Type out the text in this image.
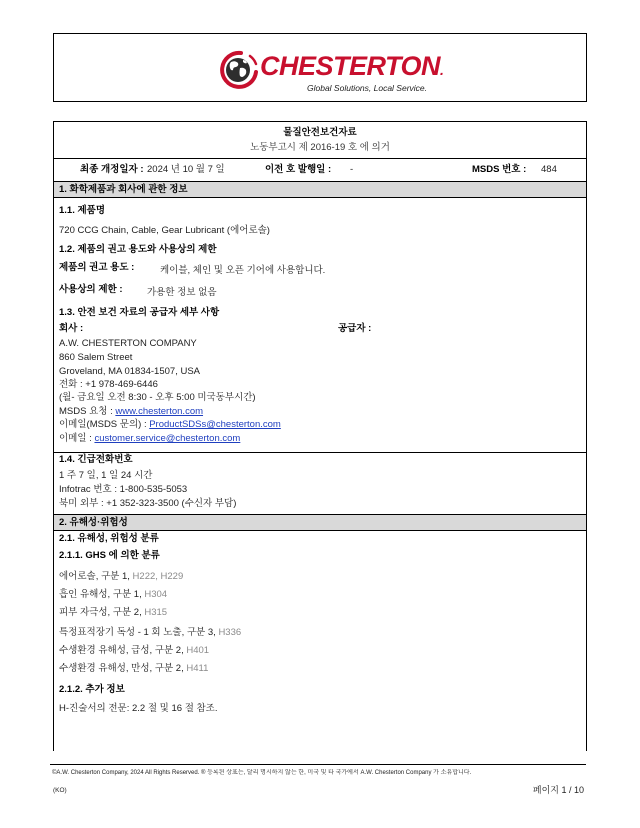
CHESTERTON.
Global Solutions, Local Service.
물질안전보건자료
노동부고시 제 2016-19 호 에 의거
최종 개정일자 : 2024 년 10 월 7 일	이전 호 발행일 : -	MSDS 번호 : 484
1. 화학제품과 회사에 관한 정보
1.1. 제품명
720 CCG Chain, Cable, Gear Lubricant (에어로솔)
1.2. 제품의 권고 용도와 사용상의 제한
제품의 권고 용도 :	케이블, 체인 및 오픈 기어에 사용합니다.
사용상의 제한 :	가용한 정보 없음
1.3. 안전 보건 자료의 공급자 세부 사항
회사 :	공급자 :
A.W. CHESTERTON COMPANY
860 Salem Street
Groveland, MA 01834-1507, USA
전화 : +1 978-469-6446
(월- 금요일 오전 8:30 - 오후 5:00 미국동부시간)
MSDS 요청 : www.chesterton.com
이메일(MSDS 문의) : ProductSDSs@chesterton.com
이메일 : customer.service@chesterton.com
1.4. 긴급전화번호
1 주 7 일, 1 일 24 시간
Infotrac 번호 : 1-800-535-5053
북미 외부 : +1 352-323-3500 (수신자 부담)
2. 유해성·위험성
2.1. 유해성, 위험성 분류
2.1.1. GHS 에 의한 분류
에어로솔, 구분 1, H222, H229
흡인 유해성, 구분 1, H304
피부 자극성, 구분 2, H315
특정표적장기 독성 - 1 회 노출, 구분 3, H336
수생환경 유해성, 급성, 구분 2, H401
수생환경 유해성, 만성, 구분 2, H411
2.1.2. 추가 정보
H-진술서의 전문: 2.2 절 및 16 절 참조.
©A.W. Chesterton Company, 2024 All Rights Reserved. ® 등록된 상표는, 달리 명시하지 않는 한, 미국 및 타 국가에서 A.W. Chesterton Company 가 소유합니다.
(KO)	페이지 1 / 10
